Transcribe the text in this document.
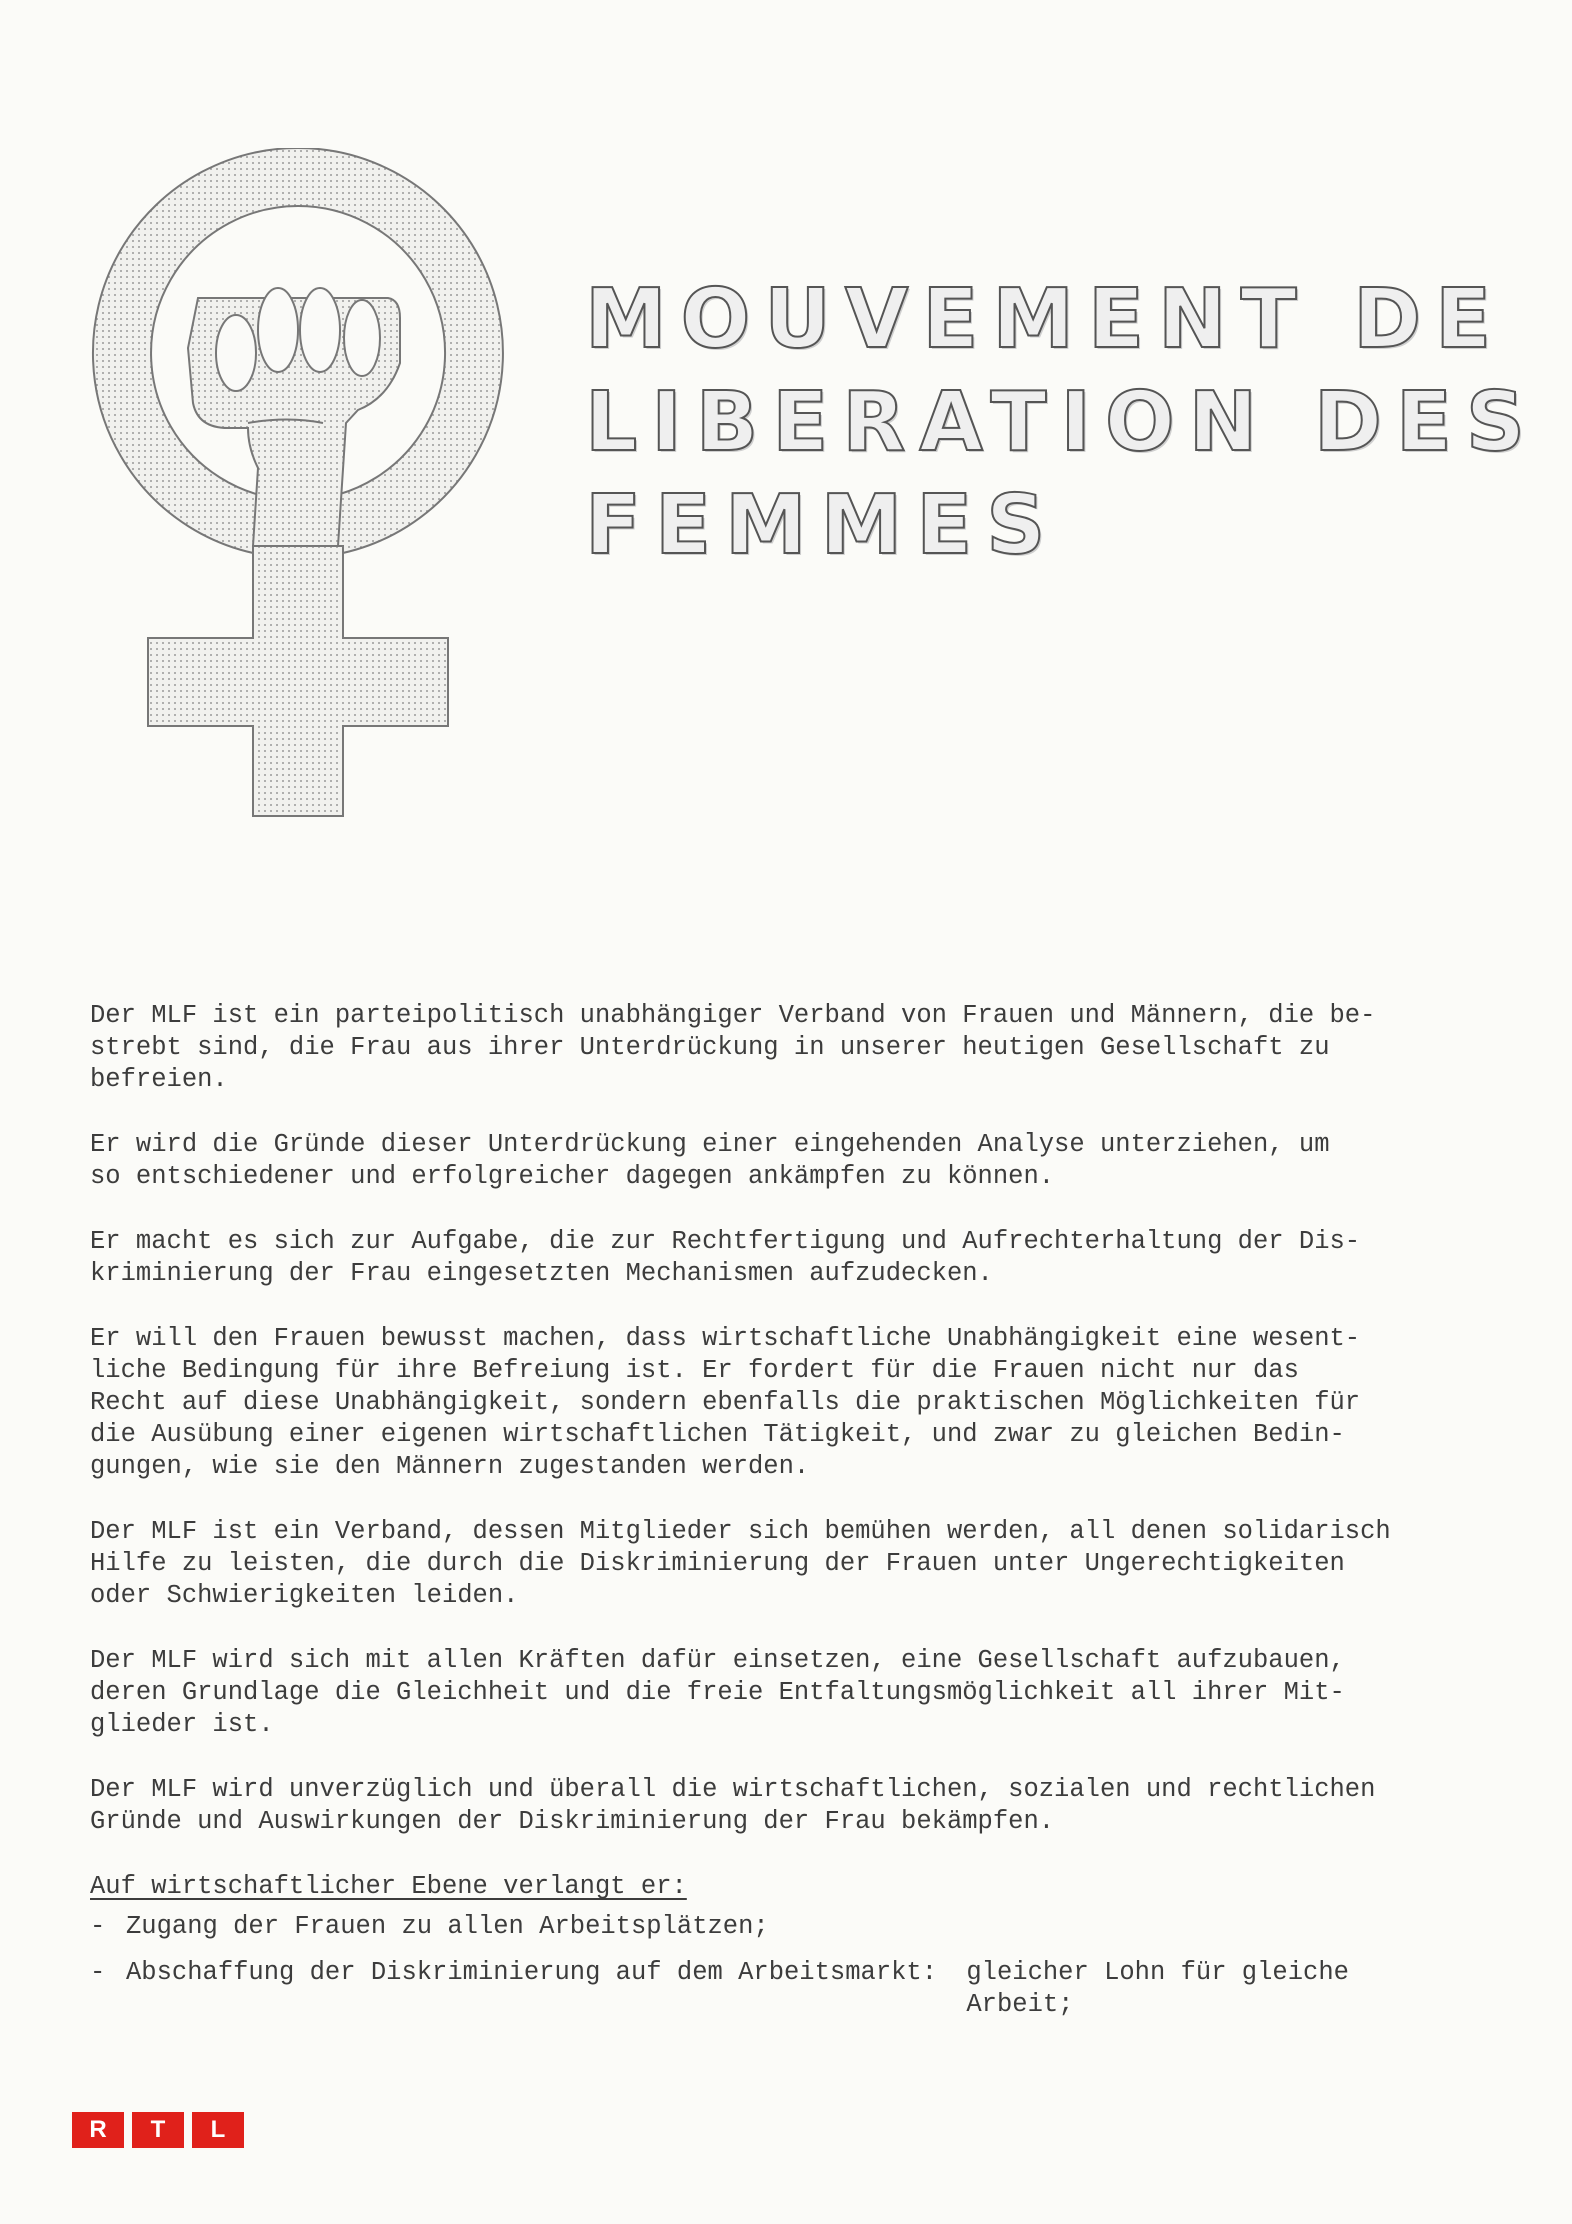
MOUVEMENT DE
LIBERATION DES
FEMMES

Der MLF ist ein parteipolitisch unabhängiger Verband von Frauen und Männern, die be-
strebt sind, die Frau aus ihrer Unterdrückung in unserer heutigen Gesellschaft zu
befreien.

Er wird die Gründe dieser Unterdrückung einer eingehenden Analyse unterziehen, um
so entschiedener und erfolgreicher dagegen ankämpfen zu können.

Er macht es sich zur Aufgabe, die zur Rechtfertigung und Aufrechterhaltung der Dis-
kriminierung der Frau eingesetzten Mechanismen aufzudecken.

Er will den Frauen bewusst machen, dass wirtschaftliche Unabhängigkeit eine wesent-
liche Bedingung für ihre Befreiung ist. Er fordert für die Frauen nicht nur das
Recht auf diese Unabhängigkeit, sondern ebenfalls die praktischen Möglichkeiten für
die Ausübung einer eigenen wirtschaftlichen Tätigkeit, und zwar zu gleichen Bedin-
gungen, wie sie den Männern zugestanden werden.

Der MLF ist ein Verband, dessen Mitglieder sich bemühen werden, all denen solidarisch
Hilfe zu leisten, die durch die Diskriminierung der Frauen unter Ungerechtigkeiten
oder Schwierigkeiten leiden.

Der MLF wird sich mit allen Kräften dafür einsetzen, eine Gesellschaft aufzubauen,
deren Grundlage die Gleichheit und die freie Entfaltungsmöglichkeit all ihrer Mit-
glieder ist.

Der MLF wird unverzüglich und überall die wirtschaftlichen, sozialen und rechtlichen
Gründe und Auswirkungen der Diskriminierung der Frau bekämpfen.

Auf wirtschaftlicher Ebene verlangt er:
- Zugang der Frauen zu allen Arbeitsplätzen;
- Abschaffung der Diskriminierung auf dem Arbeitsmarkt: gleicher Lohn für gleiche Arbeit;
R	T	L
